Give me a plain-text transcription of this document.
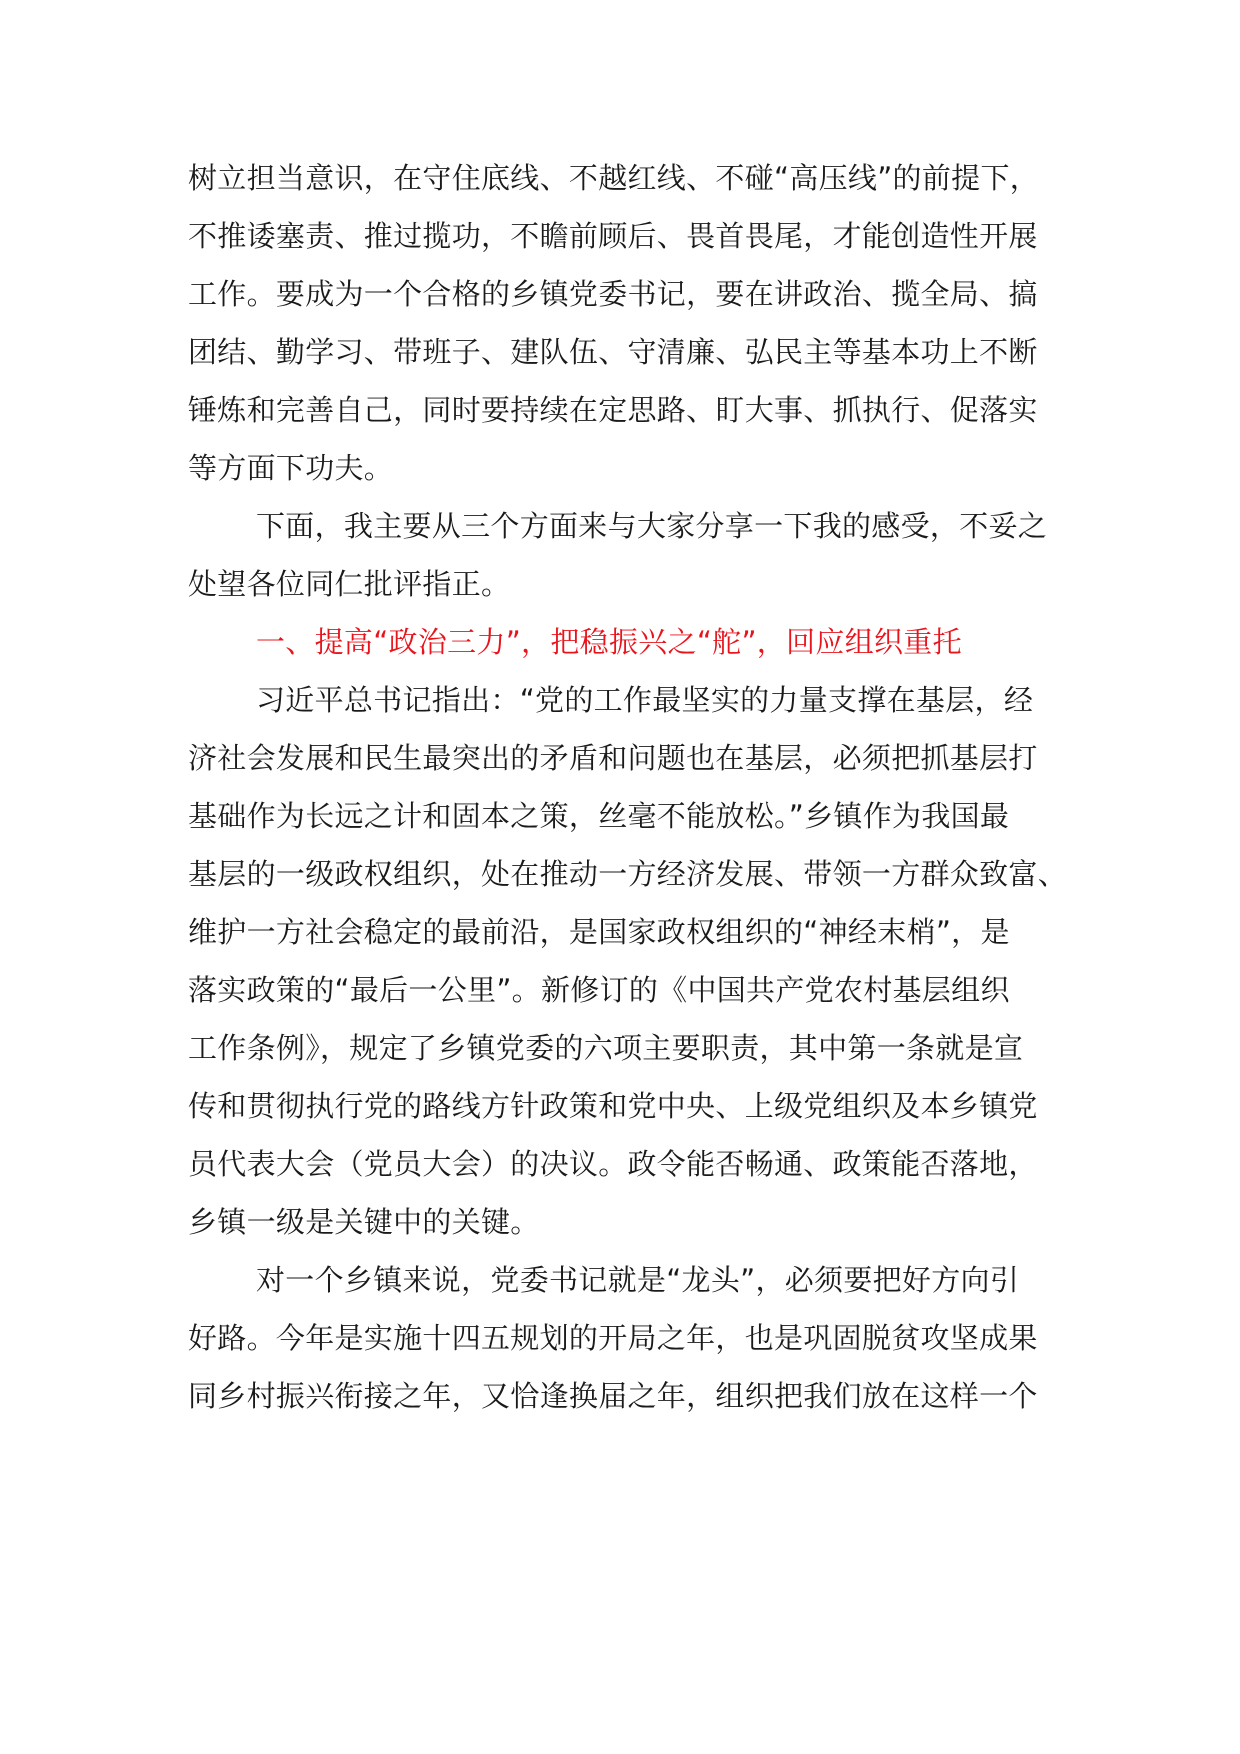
树立担当意识，在守住底线、不越红线、不碰“高压线”的前提下，
不推诿塞责、推过揽功，不瞻前顾后、畏首畏尾，才能创造性开展
工作。要成为一个合格的乡镇党委书记，要在讲政治、揽全局、搞
团结、勤学习、带班子、建队伍、守清廉、弘民主等基本功上不断
锤炼和完善自己，同时要持续在定思路、盯大事、抓执行、促落实
等方面下功夫。
下面，我主要从三个方面来与大家分享一下我的感受，不妥之
处望各位同仁批评指正。
一、提高“政治三力”，把稳振兴之“舵”，回应组织重托
习近平总书记指出：“党的工作最坚实的力量支撑在基层，经
济社会发展和民生最突出的矛盾和问题也在基层，必须把抓基层打
基础作为长远之计和固本之策，丝毫不能放松。”乡镇作为我国最
基层的一级政权组织，处在推动一方经济发展、带领一方群众致富、
维护一方社会稳定的最前沿，是国家政权组织的“神经末梢”，是
落实政策的“最后一公里”。新修订的《中国共产党农村基层组织
工作条例》，规定了乡镇党委的六项主要职责，其中第一条就是宣
传和贯彻执行党的路线方针政策和党中央、上级党组织及本乡镇党
员代表大会（党员大会）的决议。政令能否畅通、政策能否落地，
乡镇一级是关键中的关键。
对一个乡镇来说，党委书记就是“龙头”，必须要把好方向引
好路。今年是实施十四五规划的开局之年，也是巩固脱贫攻坚成果
同乡村振兴衔接之年，又恰逢换届之年，组织把我们放在这样一个
